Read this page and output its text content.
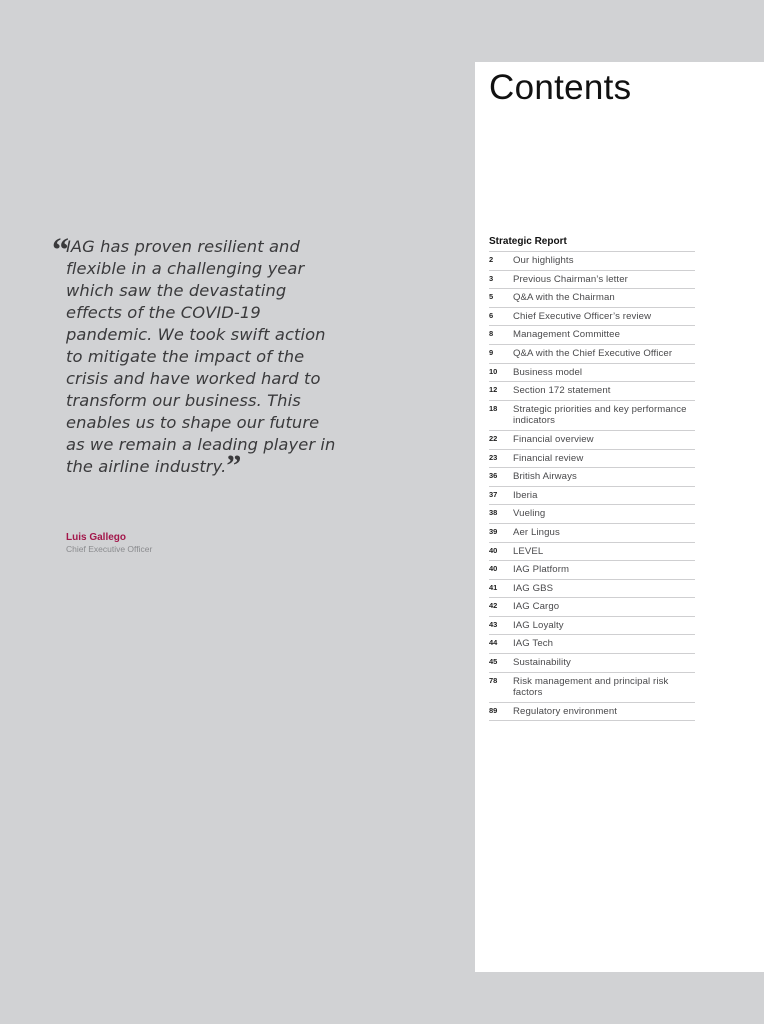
“
IAG has proven resilient and flexible in a challenging year which saw the devastating effects of the COVID-19 pandemic. We took swift action to mitigate the impact of the crisis and have worked hard to transform our business. This enables us to shape our future as we remain a leading player in the airline industry.”

Luis Gallego
Chief Executive Officer
Contents
Strategic Report
2	Our highlights
3	Previous Chairman’s letter
5	Q&A with the Chairman
6	Chief Executive Officer’s review
8	Management Committee
9	Q&A with the Chief Executive Officer
10	Business model
12	Section 172 statement
18	Strategic priorities and key performance indicators
22	Financial overview
23	Financial review
36	British Airways
37	Iberia
38	Vueling
39	Aer Lingus
40	LEVEL
40	IAG Platform
41	IAG GBS
42	IAG Cargo
43	IAG Loyalty
44	IAG Tech
45	Sustainability
78	Risk management and principal risk factors
89	Regulatory environment
